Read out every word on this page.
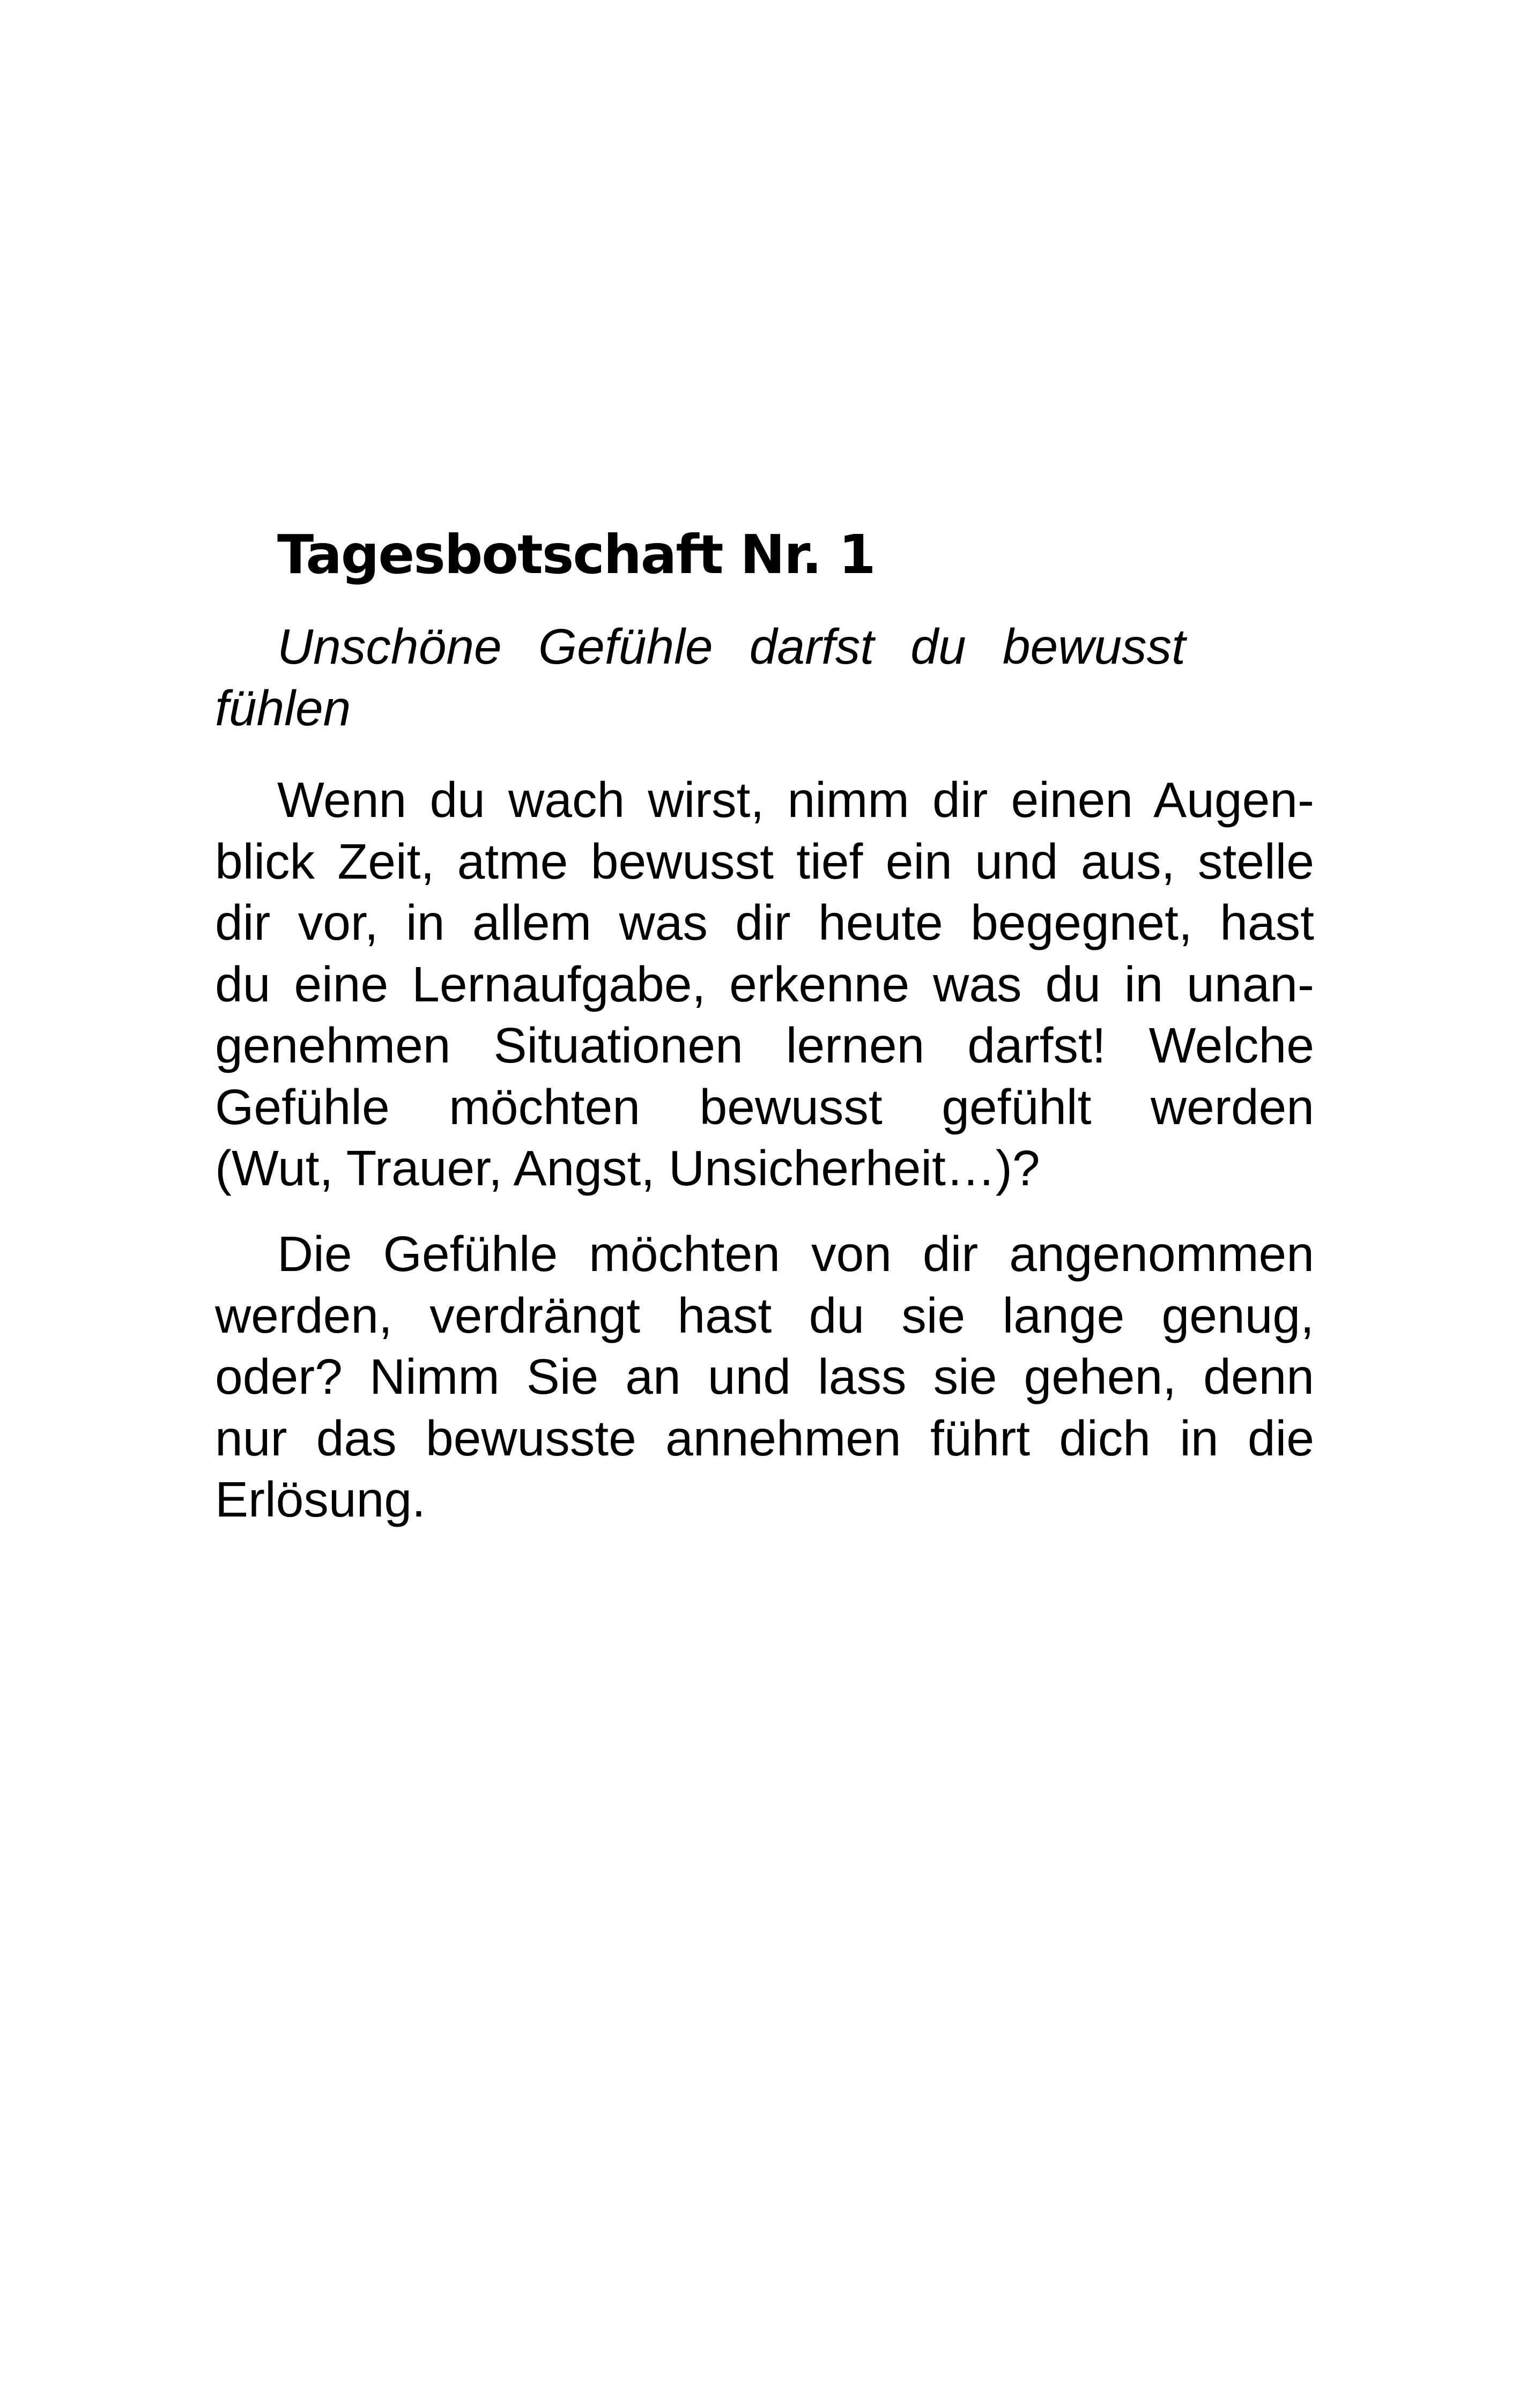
Tagesbotschaft Nr. 1
Unschöne Gefühle darfst du bewusst
fühlen
Wenn du wach wirst, nimm dir einen Augen-
blick Zeit, atme bewusst tief ein und aus, stelle
dir vor, in allem was dir heute begegnet, hast
du eine Lernaufgabe, erkenne was du in unan-
genehmen Situationen lernen darfst! Welche
Gefühle möchten bewusst gefühlt werden
(Wut, Trauer, Angst, Unsicherheit…)?
Die Gefühle möchten von dir angenommen
werden, verdrängt hast du sie lange genug,
oder? Nimm Sie an und lass sie gehen, denn
nur das bewusste annehmen führt dich in die
Erlösung.
